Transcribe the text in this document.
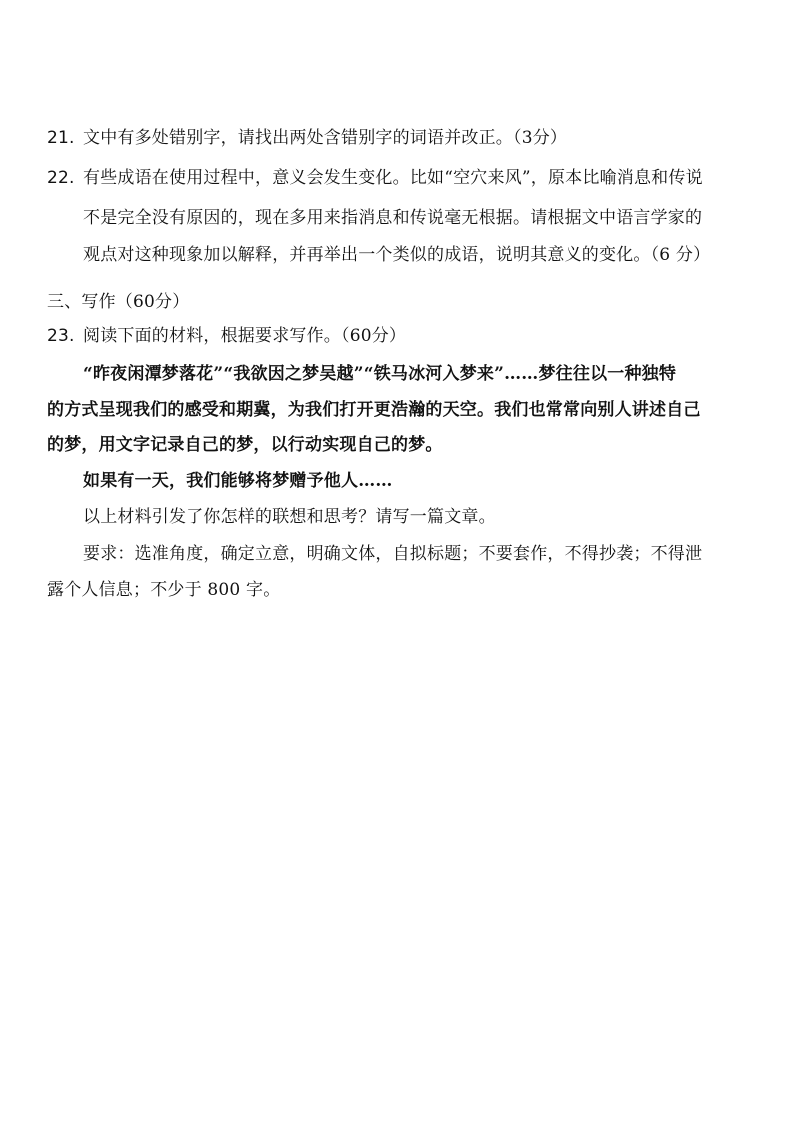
21. 文中有多处错别字，请找出两处含错别字的词语并改正。（3分）
22. 有些成语在使用过程中，意义会发生变化。比如“空穴来风”，原本比喻消息和传说
不是完全没有原因的，现在多用来指消息和传说毫无根据。请根据文中语言学家的
观点对这种现象加以解释，并再举出一个类似的成语，说明其意义的变化。（6 分）
三、写作（60分）
23. 阅读下面的材料，根据要求写作。（60分）
“昨夜闲潭梦落花”“我欲因之梦吴越”“铁马冰河入梦来”……梦往往以一种独特
的方式呈现我们的感受和期冀，为我们打开更浩瀚的天空。我们也常常向别人讲述自己
的梦，用文字记录自己的梦，以行动实现自己的梦。
如果有一天，我们能够将梦赠予他人……
以上材料引发了你怎样的联想和思考？请写一篇文章。
要求：选准角度，确定立意，明确文体，自拟标题；不要套作，不得抄袭；不得泄
露个人信息；不少于 800 字。
